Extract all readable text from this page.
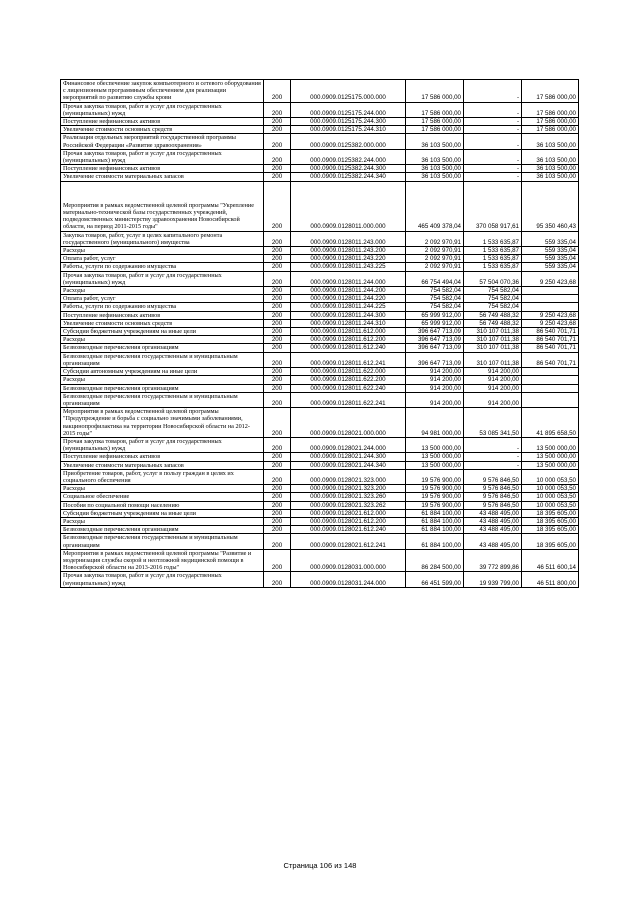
Финансовое обеспечение закупок компьютерного и сетевого оборудования с лицензионным программным обеспечением для реализации мероприятий по развитию службы крови	200	000.0909.0125175.000.000	17 586 000,00	-	17 586 000,00
Прочая закупка товаров, работ и услуг для государственных (муниципальных) нужд	200	000.0909.0125175.244.000	17 586 000,00	-	17 586 000,00
Поступление нефинансовых активов	200	000.0909.0125175.244.300	17 586 000,00	-	17 586 000,00
Увеличение стоимости основных средств	200	000.0909.0125175.244.310	17 586 000,00	-	17 586 000,00
Реализация отдельных мероприятий государственной программы Российской Федерации «Развитие здравоохранения»	200	000.0909.0125382.000.000	36 103 500,00	-	36 103 500,00
Прочая закупка товаров, работ и услуг для государственных (муниципальных) нужд	200	000.0909.0125382.244.000	36 103 500,00	-	36 103 500,00
Поступление нефинансовых активов	200	000.0909.0125382.244.300	36 103 500,00	-	36 103 500,00
Увеличение стоимости материальных запасов	200	000.0909.0125382.244.340	36 103 500,00	-	36 103 500,00
Мероприятия в рамках ведомственной целевой программы "Укрепление материально-технической базы государственных учреждений, подведомственных министерству здравоохранения Новосибирской области, на период 2011-2015 годы"	200	000.0909.0128011.000.000	465 409 378,04	370 058 917,61	95 350 460,43
Закупка товаров, работ, услуг в целях капитального ремонта государственного (муниципального) имущества	200	000.0909.0128011.243.000	2 092 970,91	1 533 635,87	559 335,04
Расходы	200	000.0909.0128011.243.200	2 092 970,91	1 533 635,87	559 335,04
Оплата работ, услуг	200	000.0909.0128011.243.220	2 092 970,91	1 533 635,87	559 335,04
Работы, услуги по содержанию имущества	200	000.0909.0128011.243.225	2 092 970,91	1 533 635,87	559 335,04
Прочая закупка товаров, работ и услуг для государственных (муниципальных) нужд	200	000.0909.0128011.244.000	66 754 494,04	57 504 070,36	9 250 423,68
Расходы	200	000.0909.0128011.244.200	754 582,04	754 582,04	
Оплата работ, услуг	200	000.0909.0128011.244.220	754 582,04	754 582,04	
Работы, услуги по содержанию имущества	200	000.0909.0128011.244.225	754 582,04	754 582,04	
Поступление нефинансовых активов	200	000.0909.0128011.244.300	65 999 912,00	56 749 488,32	9 250 423,68
Увеличение стоимости основных средств	200	000.0909.0128011.244.310	65 999 912,00	56 749 488,32	9 250 423,68
Субсидии бюджетным учреждениям на иные цели	200	000.0909.0128011.612.000	396 647 713,09	310 107 011,38	86 540 701,71
Расходы	200	000.0909.0128011.612.200	396 647 713,09	310 107 011,38	86 540 701,71
Безвозмездные перечисления организациям	200	000.0909.0128011.612.240	396 647 713,09	310 107 011,38	86 540 701,71
Безвозмездные перечисления государственным и муниципальным организациям	200	000.0909.0128011.612.241	396 647 713,09	310 107 011,38	86 540 701,71
Субсидии автономным учреждениям на иные цели	200	000.0909.0128011.622.000	914 200,00	914 200,00	
Расходы	200	000.0909.0128011.622.200	914 200,00	914 200,00	
Безвозмездные перечисления организациям	200	000.0909.0128011.622.240	914 200,00	914 200,00	
Безвозмездные перечисления государственным и муниципальным организациям	200	000.0909.0128011.622.241	914 200,00	914 200,00	
Мероприятия в рамках ведомственной целевой программы "Предупреждение и борьба с социально значимыми заболеваниями, вакцинопрофилактика на территории Новосибирской области на 2012-2015 годы"	200	000.0909.0128021.000.000	94 981 000,00	53 085 341,50	41 895 658,50
Прочая закупка товаров, работ и услуг для государственных (муниципальных) нужд	200	000.0909.0128021.244.000	13 500 000,00	-	13 500 000,00
Поступление нефинансовых активов	200	000.0909.0128021.244.300	13 500 000,00	-	13 500 000,00
Увеличение стоимости материальных запасов	200	000.0909.0128021.244.340	13 500 000,00	-	13 500 000,00
Приобретение товаров, работ, услуг в пользу граждан в целях их социального обеспечения	200	000.0909.0128021.323.000	19 576 900,00	9 576 846,50	10 000 053,50
Расходы	200	000.0909.0128021.323.200	19 576 900,00	9 576 846,50	10 000 053,50
Социальное обеспечение	200	000.0909.0128021.323.260	19 576 900,00	9 576 846,50	10 000 053,50
Пособия по социальной помощи населению	200	000.0909.0128021.323.262	19 576 900,00	9 576 846,50	10 000 053,50
Субсидии бюджетным учреждениям на иные цели	200	000.0909.0128021.612.000	61 884 100,00	43 488 495,00	18 395 605,00
Расходы	200	000.0909.0128021.612.200	61 884 100,00	43 488 495,00	18 395 605,00
Безвозмездные перечисления организациям	200	000.0909.0128021.612.240	61 884 100,00	43 488 495,00	18 395 605,00
Безвозмездные перечисления государственным и муниципальным организациям	200	000.0909.0128021.612.241	61 884 100,00	43 488 495,00	18 395 605,00
Мероприятия в рамках ведомственной целевой программы "Развитие и модернизация службы скорой и неотложной медицинской помощи в Новосибирской области на 2013-2016 годы"	200	000.0909.0128031.000.000	86 284 500,00	39 772 899,86	46 511 600,14
Прочая закупка товаров, работ и услуг для государственных (муниципальных) нужд	200	000.0909.0128031.244.000	66 451 599,00	19 939 799,00	46 511 800,00
Страница 106 из 148
